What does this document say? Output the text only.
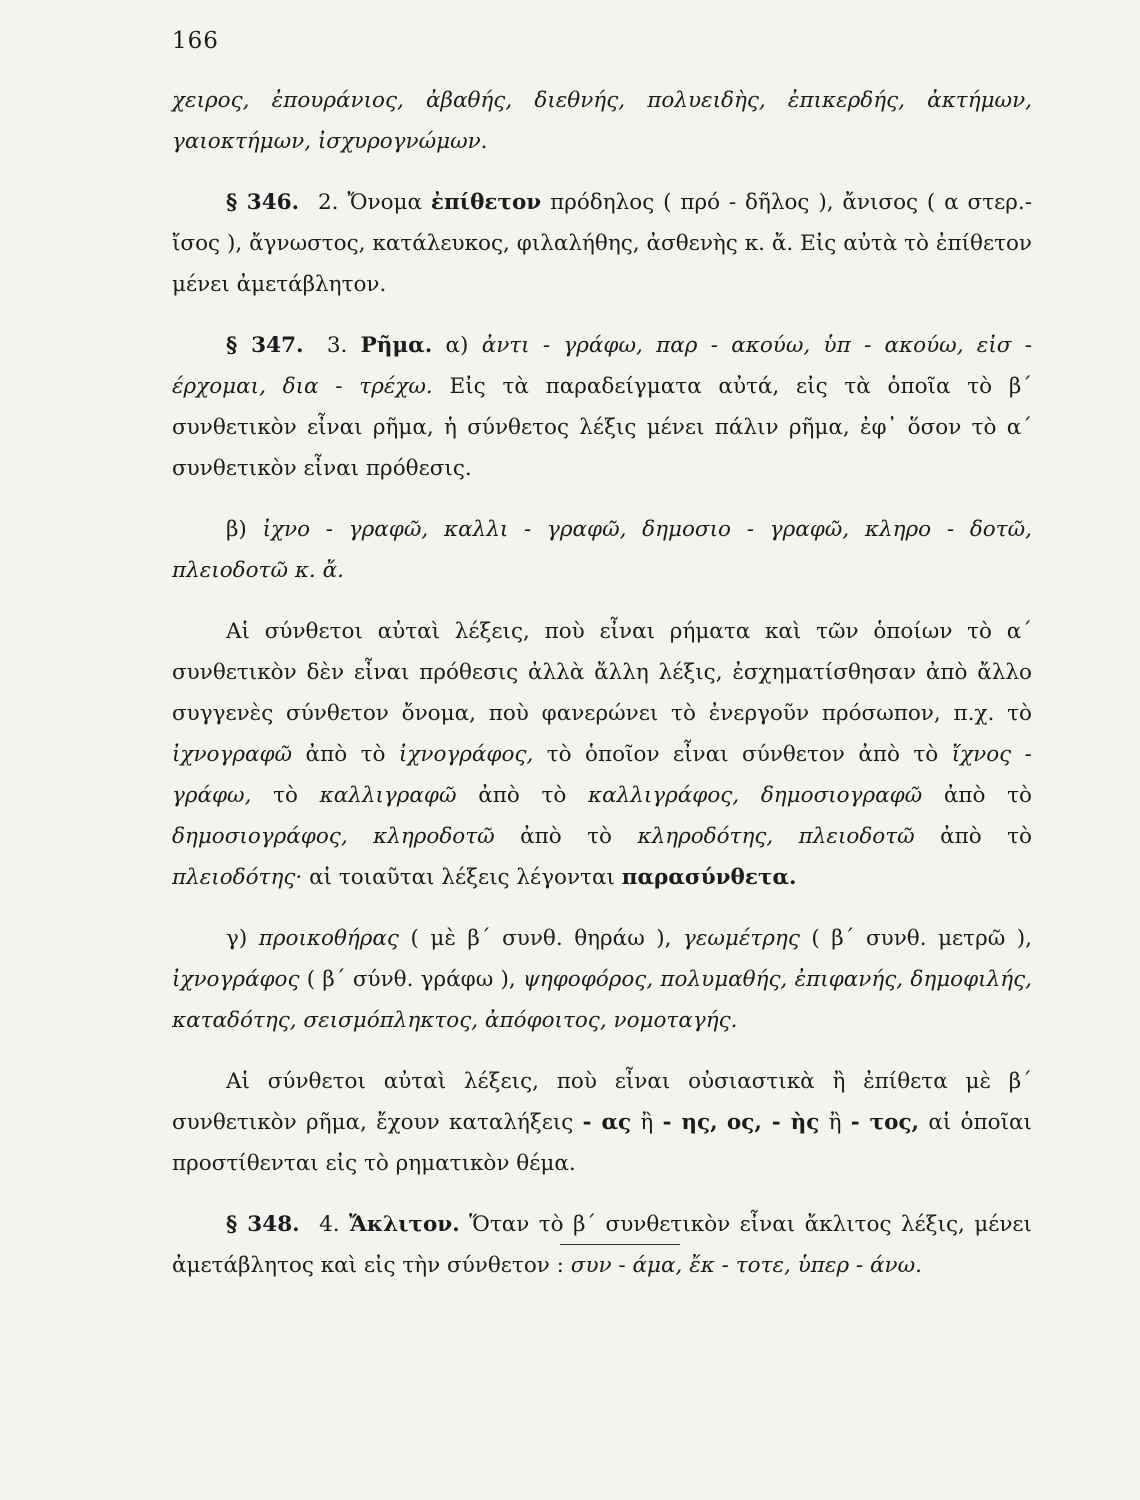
166

χειρος, ἐπουράνιος, ἀβαθής, διεθνής, πολυειδὴς, ἐπικερδής, ἀκτήμων, γαιοκτήμων, ἰσχυρογνώμων.

§ 346. 2. Ὄνομα ἐπίθετον πρόδηλος ( πρό - δῆλος ), ἄνισος ( α στερ.- ἴσος ), ἄγνωστος, κατάλευκος, φιλαλήθης, ἀσθενὴς κ. ἄ. Εἰς αὐτὰ τὸ ἐπίθετον μένει ἀμετάβλητον.

§ 347. 3. Ρῆμα. α) ἀντι - γράφω, παρ - ακούω, ὑπ - ακούω, εἰσ - έρχομαι, δια - τρέχω. Εἰς τὰ παραδείγματα αὐτά, εἰς τὰ ὁποῖα τὸ β΄ συνθετικὸν εἶναι ρῆμα, ἡ σύνθετος λέξις μένει πάλιν ρῆμα, ἐφ᾿ ὅσον τὸ α΄ συνθετικὸν εἶναι πρόθεσις.

β) ἰχνο - γραφῶ, καλλι - γραφῶ, δημοσιο - γραφῶ, κληρο - δοτῶ, πλειοδοτῶ κ. ἄ.

Αἱ σύνθετοι αὐταὶ λέξεις, ποὺ εἶναι ρήματα καὶ τῶν ὁποίων τὸ α΄ συνθετικὸν δὲν εἶναι πρόθεσις ἀλλὰ ἄλλη λέξις, ἐσχηματίσθησαν ἀπὸ ἄλλο συγγενὲς σύνθετον ὄνομα, ποὺ φανερώνει τὸ ἐνεργοῦν πρόσωπον, π.χ. τὸ ἰχνογραφῶ ἀπὸ τὸ ἰχνογράφος, τὸ ὁποῖον εἶναι σύνθετον ἀπὸ τὸ ἴχνος - γράφω, τὸ καλλιγραφῶ ἀπὸ τὸ καλλιγράφος, δημοσιογραφῶ ἀπὸ τὸ δημοσιογράφος, κληροδοτῶ ἀπὸ τὸ κληροδότης, πλειοδοτῶ ἀπὸ τὸ πλειοδότης· αἱ τοιαῦται λέξεις λέγονται παρασύνθετα.

γ) προικοθήρας ( μὲ β΄ συνθ. θηράω ), γεωμέτρης ( β΄ συνθ. μετρῶ ), ἰχνογράφος ( β΄ σύνθ. γράφω ), ψηφοφόρος, πολυμαθής, ἐπιφανής, δημοφιλής, καταδότης, σεισμόπληκτος, ἀπόφοιτος, νομοταγής.

Αἱ σύνθετοι αὐταὶ λέξεις, ποὺ εἶναι οὐσιαστικὰ ἢ ἐπίθετα μὲ β΄ συνθετικὸν ρῆμα, ἔχουν καταλήξεις - ας ἢ - ης, ος, - ὴς ἢ - τος, αἱ ὁποῖαι προστίθενται εἰς τὸ ρηματικὸν θέμα.

§ 348. 4. Ἄκλιτον. Ὅταν τὸ β΄ συνθετικὸν εἶναι ἄκλιτος λέξις, μένει ἀμετάβλητος καὶ εἰς τὴν σύνθετον : συν - άμα, ἔκ - τοτε, ὑπερ - άνω.
